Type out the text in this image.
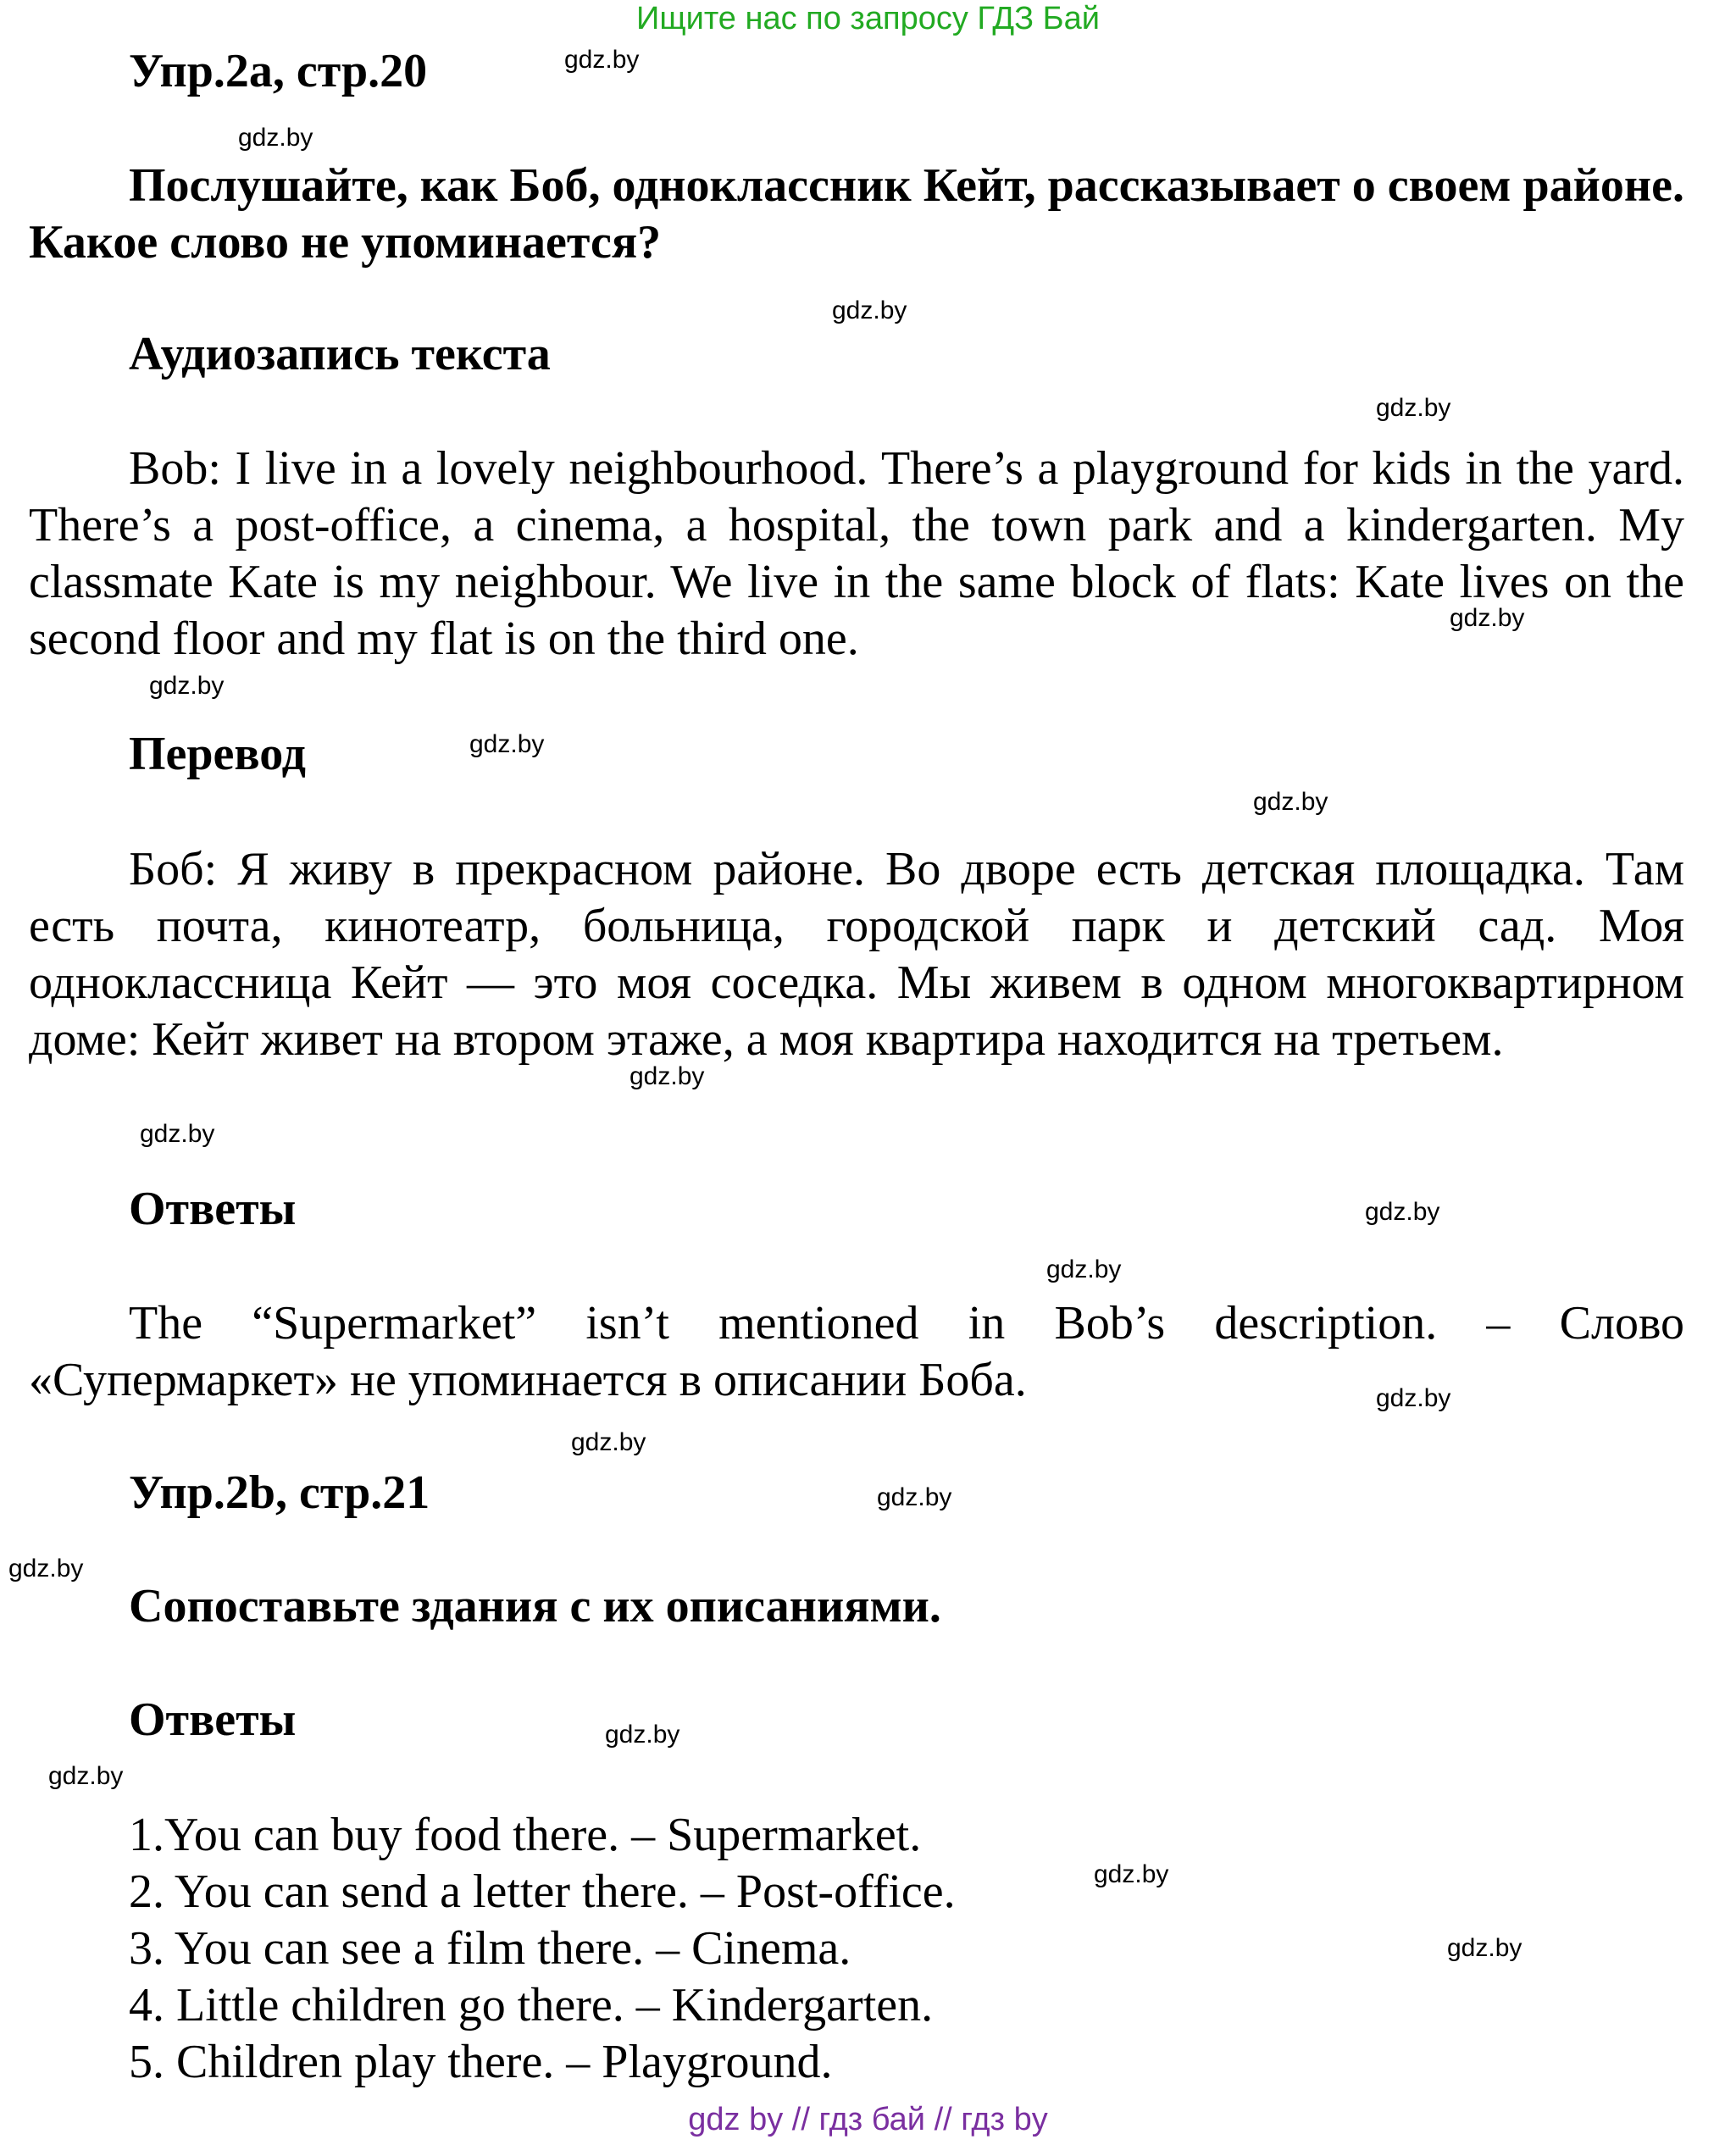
Ищите нас по запросу ГДЗ Бай
Упр.2а, стр.20
Послушайте, как Боб, одноклассник Кейт, рассказывает о своем районе. Какое слово не упоминается?
Аудиозапись текста
Bob: I live in a lovely neighbourhood. There’s a playground for kids in the yard. There’s a post-office, a cinema, a hospital, the town park and a kindergarten. My classmate Kate is my neighbour. We live in the same block of flats: Kate lives on the second floor and my flat is on the third one.
Перевод
Боб: Я живу в прекрасном районе. Во дворе есть детская площадка. Там есть почта, кинотеатр, больница, городской парк и детский сад. Моя одноклассница Кейт — это моя соседка. Мы живем в одном многоквартирном доме: Кейт живет на втором этаже, а моя квартира находится на третьем.
Ответы
The “Supermarket” isn’t mentioned in Bob’s description. – Слово «Супермаркет» не упоминается в описании Боба.
Упр.2b, стр.21
Сопоставьте здания с их описаниями.
Ответы
1.You can buy food there. – Supermarket.
2. You can send a letter there. – Post-office.
3. You can see a film there. – Cinema.
4. Little children go there. – Kindergarten.
5. Children play there. – Playground.
gdz.by
gdz.by
gdz.by
gdz.by
gdz.by
gdz.by
gdz.by
gdz.by
gdz.by
gdz.by
gdz.by
gdz.by
gdz.by
gdz.by
gdz.by
gdz.by
gdz.by
gdz.by
gdz.by
gdz.by
gdz by // гдз бай // гдз by
